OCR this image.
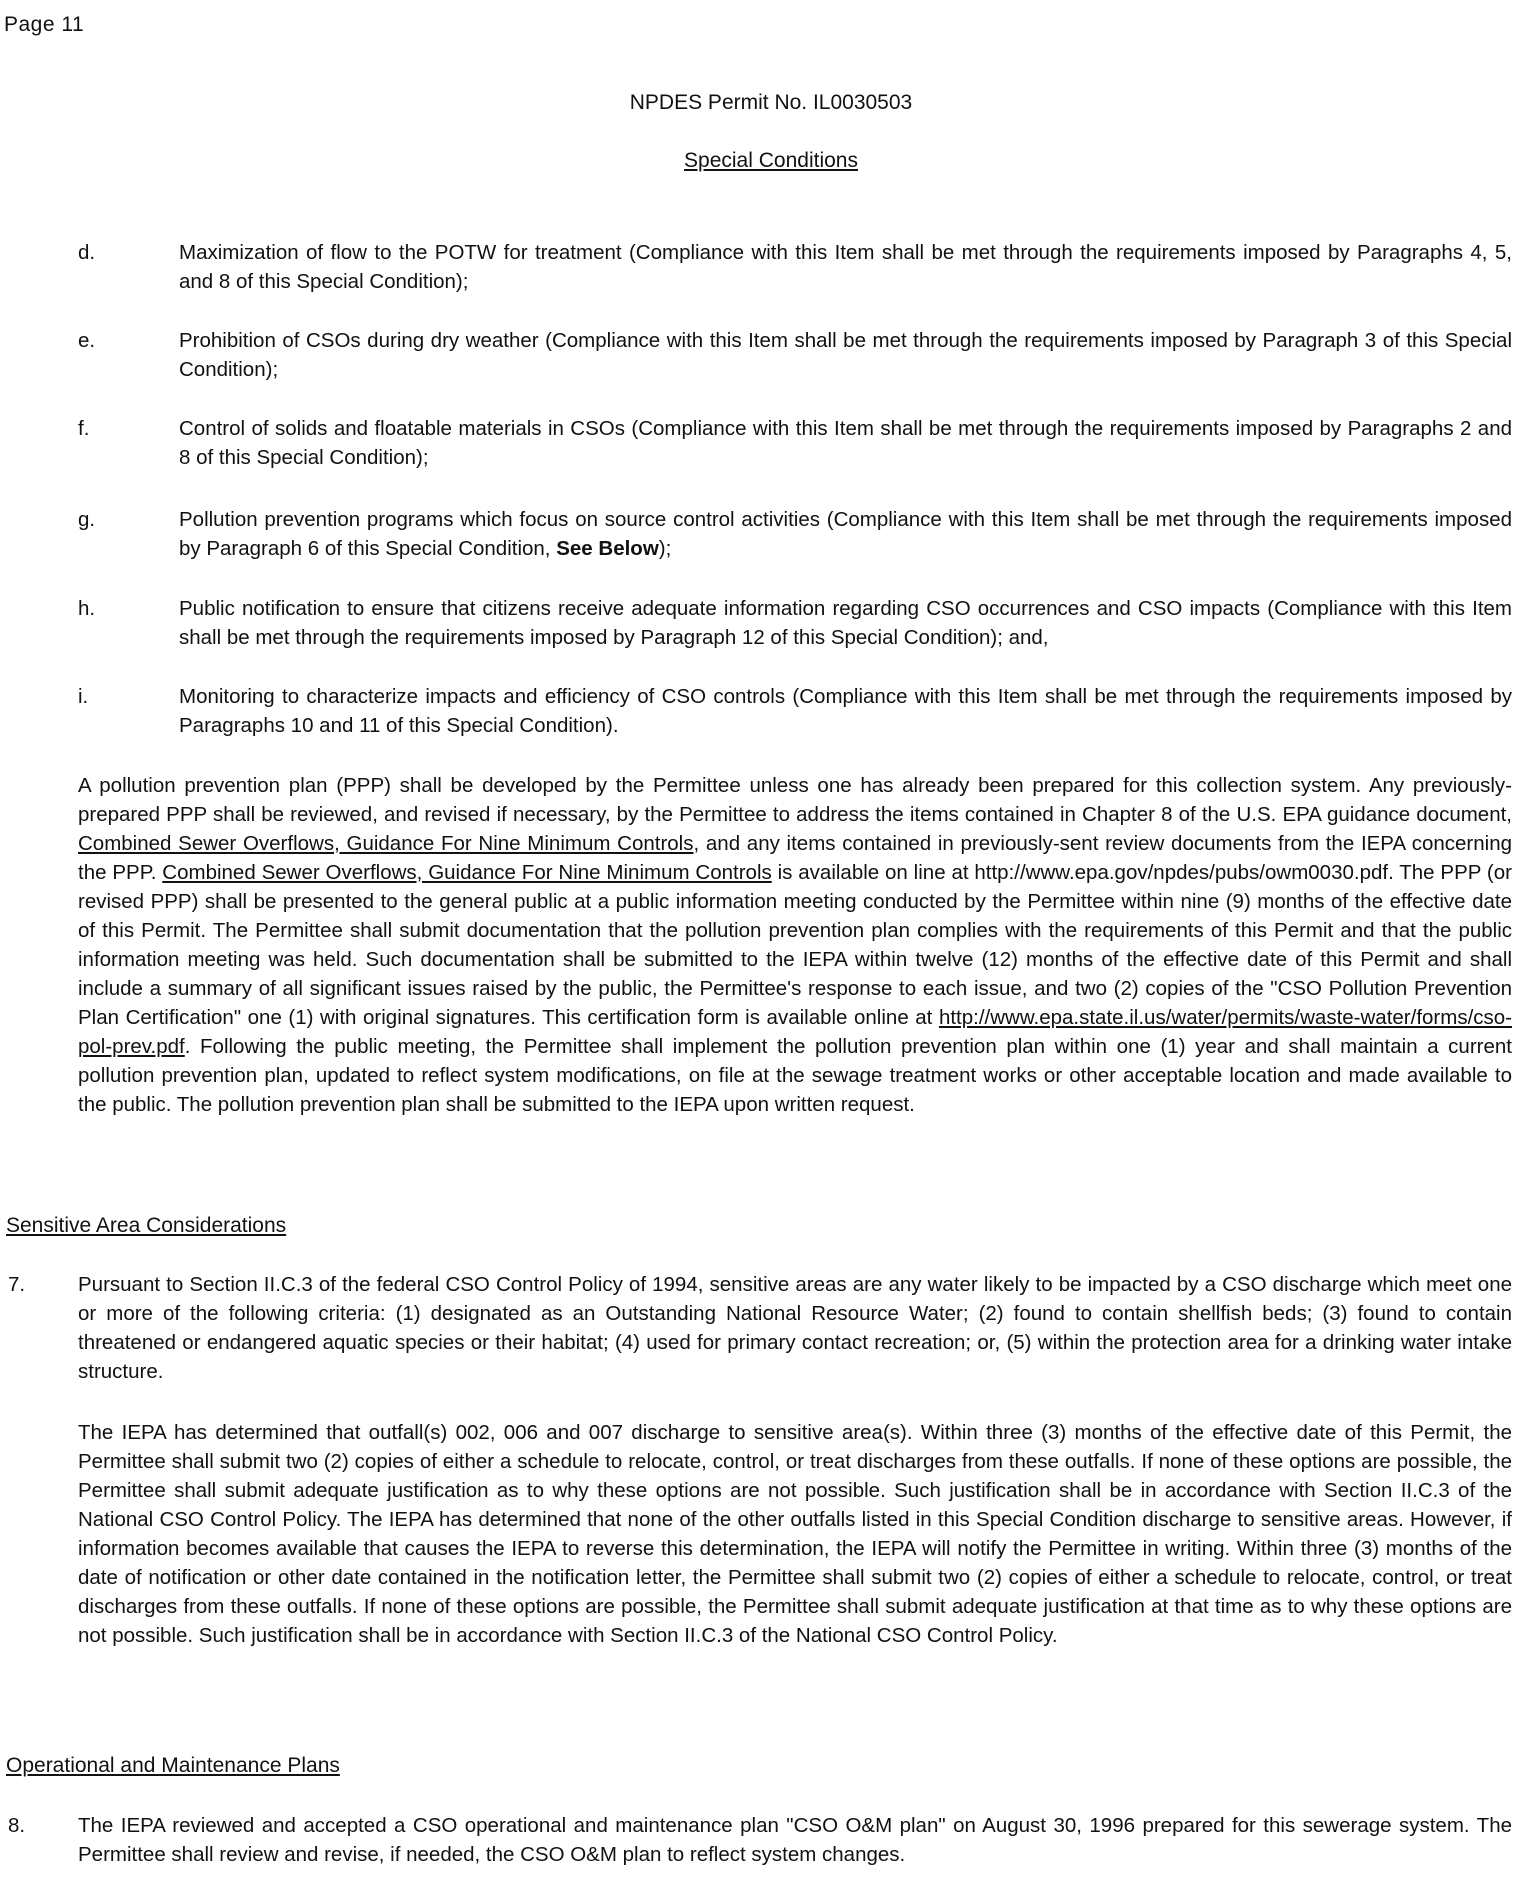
Page 11
NPDES Permit No. IL0030503
Special Conditions
d.	Maximization of flow to the POTW for treatment (Compliance with this Item shall be met through the requirements imposed by Paragraphs 4, 5, and 8 of this Special Condition);
e.	Prohibition of CSOs during dry weather (Compliance with this Item shall be met through the requirements imposed by Paragraph 3 of this Special Condition);
f.	Control of solids and floatable materials in CSOs (Compliance with this Item shall be met through the requirements imposed by Paragraphs 2 and 8 of this Special Condition);
g.	Pollution prevention programs which focus on source control activities (Compliance with this Item shall be met through the requirements imposed by Paragraph 6 of this Special Condition, See Below);
h.	Public notification to ensure that citizens receive adequate information regarding CSO occurrences and CSO impacts (Compliance with this Item shall be met through the requirements imposed by Paragraph 12 of this Special Condition); and,
i.	Monitoring to characterize impacts and efficiency of CSO controls (Compliance with this Item shall be met through the requirements imposed by Paragraphs 10 and 11 of this Special Condition).
A pollution prevention plan (PPP) shall be developed by the Permittee unless one has already been prepared for this collection system. Any previously-prepared PPP shall be reviewed, and revised if necessary, by the Permittee to address the items contained in Chapter 8 of the U.S. EPA guidance document, Combined Sewer Overflows, Guidance For Nine Minimum Controls, and any items contained in previously-sent review documents from the IEPA concerning the PPP. Combined Sewer Overflows, Guidance For Nine Minimum Controls is available on line at http://www.epa.gov/npdes/pubs/owm0030.pdf. The PPP (or revised PPP) shall be presented to the general public at a public information meeting conducted by the Permittee within nine (9) months of the effective date of this Permit. The Permittee shall submit documentation that the pollution prevention plan complies with the requirements of this Permit and that the public information meeting was held. Such documentation shall be submitted to the IEPA within twelve (12) months of the effective date of this Permit and shall include a summary of all significant issues raised by the public, the Permittee's response to each issue, and two (2) copies of the "CSO Pollution Prevention Plan Certification" one (1) with original signatures. This certification form is available online at http://www.epa.state.il.us/water/permits/waste-water/forms/cso-pol-prev.pdf. Following the public meeting, the Permittee shall implement the pollution prevention plan within one (1) year and shall maintain a current pollution prevention plan, updated to reflect system modifications, on file at the sewage treatment works or other acceptable location and made available to the public. The pollution prevention plan shall be submitted to the IEPA upon written request.
Sensitive Area Considerations
7.	Pursuant to Section II.C.3 of the federal CSO Control Policy of 1994, sensitive areas are any water likely to be impacted by a CSO discharge which meet one or more of the following criteria: (1) designated as an Outstanding National Resource Water; (2) found to contain shellfish beds; (3) found to contain threatened or endangered aquatic species or their habitat; (4) used for primary contact recreation; or, (5) within the protection area for a drinking water intake structure.
The IEPA has determined that outfall(s) 002, 006 and 007 discharge to sensitive area(s). Within three (3) months of the effective date of this Permit, the Permittee shall submit two (2) copies of either a schedule to relocate, control, or treat discharges from these outfalls. If none of these options are possible, the Permittee shall submit adequate justification as to why these options are not possible. Such justification shall be in accordance with Section II.C.3 of the National CSO Control Policy. The IEPA has determined that none of the other outfalls listed in this Special Condition discharge to sensitive areas. However, if information becomes available that causes the IEPA to reverse this determination, the IEPA will notify the Permittee in writing. Within three (3) months of the date of notification or other date contained in the notification letter, the Permittee shall submit two (2) copies of either a schedule to relocate, control, or treat discharges from these outfalls. If none of these options are possible, the Permittee shall submit adequate justification at that time as to why these options are not possible. Such justification shall be in accordance with Section II.C.3 of the National CSO Control Policy.
Operational and Maintenance Plans
8.	The IEPA reviewed and accepted a CSO operational and maintenance plan "CSO O&M plan" on August 30, 1996 prepared for this sewerage system. The Permittee shall review and revise, if needed, the CSO O&M plan to reflect system changes.
